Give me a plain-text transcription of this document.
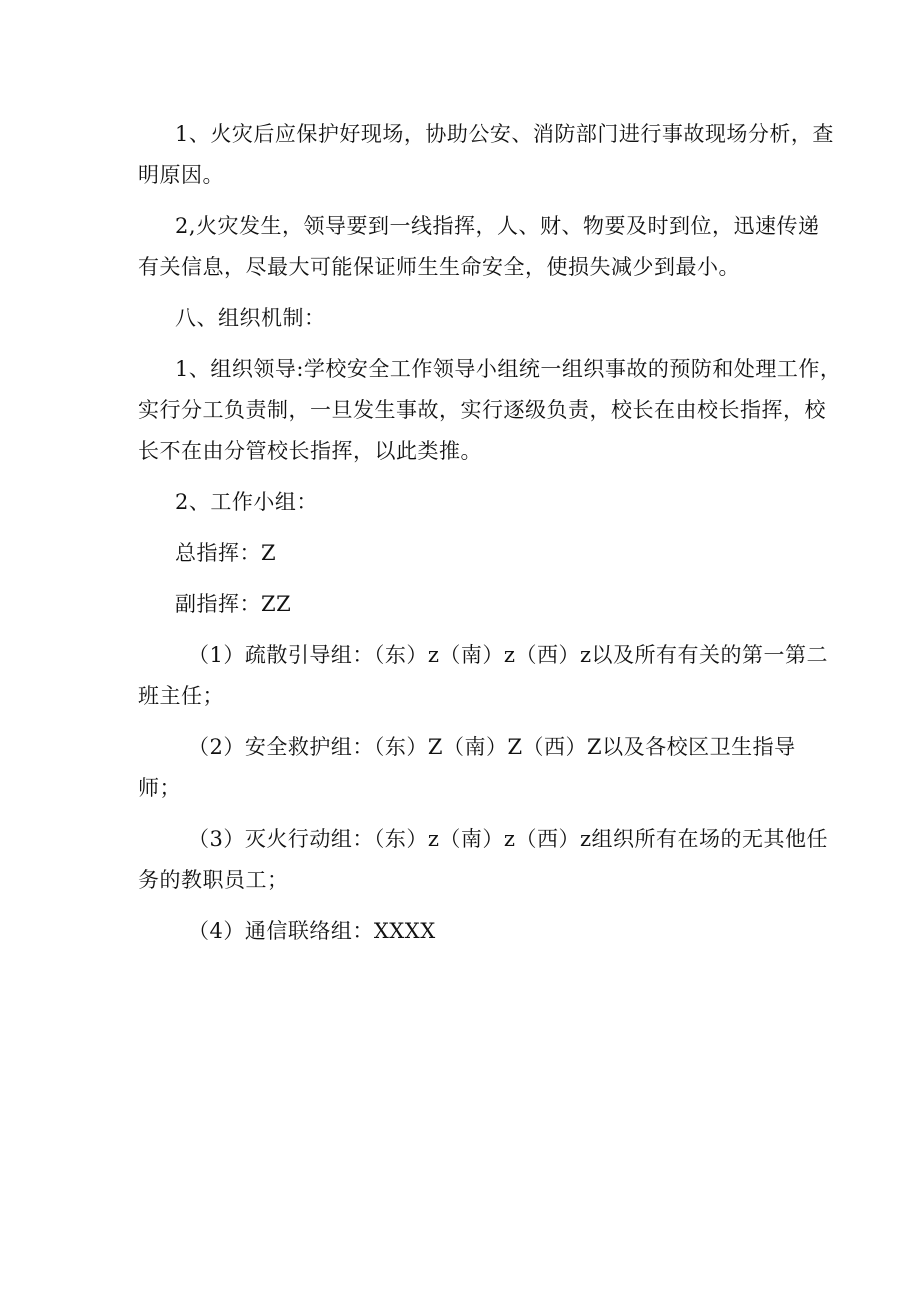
1、火灾后应保护好现场，协助公安、消防部门进行事故现场分析，查
明原因。

2,火灾发生，领导要到一线指挥，人、财、物要及时到位，迅速传递
有关信息，尽最大可能保证师生生命安全，使损失减少到最小。

八、组织机制：

1、组织领导:学校安全工作领导小组统一组织事故的预防和处理工作，
实行分工负责制，一旦发生事故，实行逐级负责，校长在由校长指挥，校
长不在由分管校长指挥，以此类推。

2、工作小组：

总指挥：Z

副指挥：ZZ

（1）疏散引导组：（东）z（南）z（西）z以及所有有关的第一第二
班主任；

（2）安全救护组：（东）Z（南）Z（西）Z以及各校区卫生指导
师；

（3）灭火行动组：（东）z（南）z（西）z组织所有在场的无其他任
务的教职员工；

（4）通信联络组：XXXX
